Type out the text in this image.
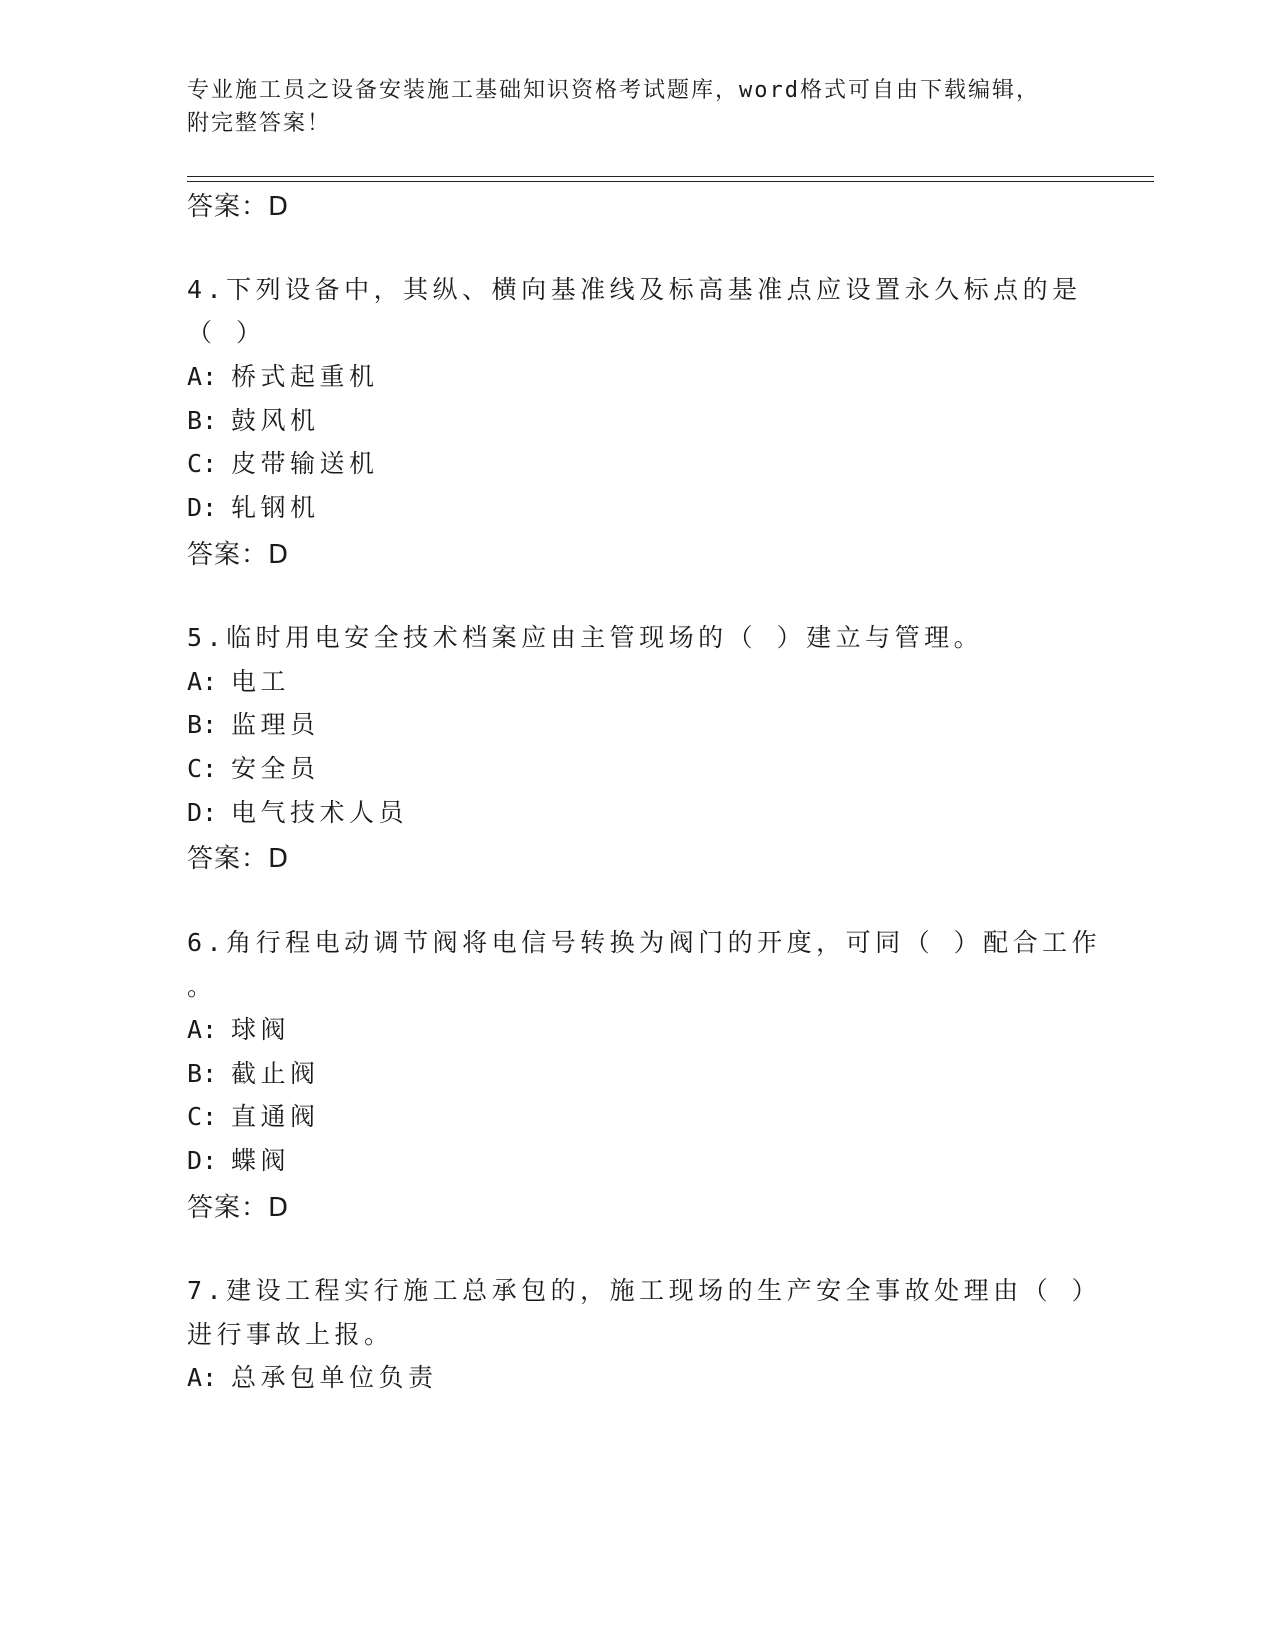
专业施工员之设备安装施工基础知识资格考试题库，word格式可自由下载编辑，
附完整答案！
答案：D
4.下列设备中，其纵、横向基准线及标高基准点应设置永久标点的是
（ ）
A: 桥式起重机
B: 鼓风机
C: 皮带输送机
D: 轧钢机
答案：D
5.临时用电安全技术档案应由主管现场的（ ）建立与管理。
A: 电工
B: 监理员
C: 安全员
D: 电气技术人员
答案：D
6.角行程电动调节阀将电信号转换为阀门的开度，可同（ ）配合工作
。
A: 球阀
B: 截止阀
C: 直通阀
D: 蝶阀
答案：D
7.建设工程实行施工总承包的，施工现场的生产安全事故处理由（ ）
进行事故上报。
A: 总承包单位负责
